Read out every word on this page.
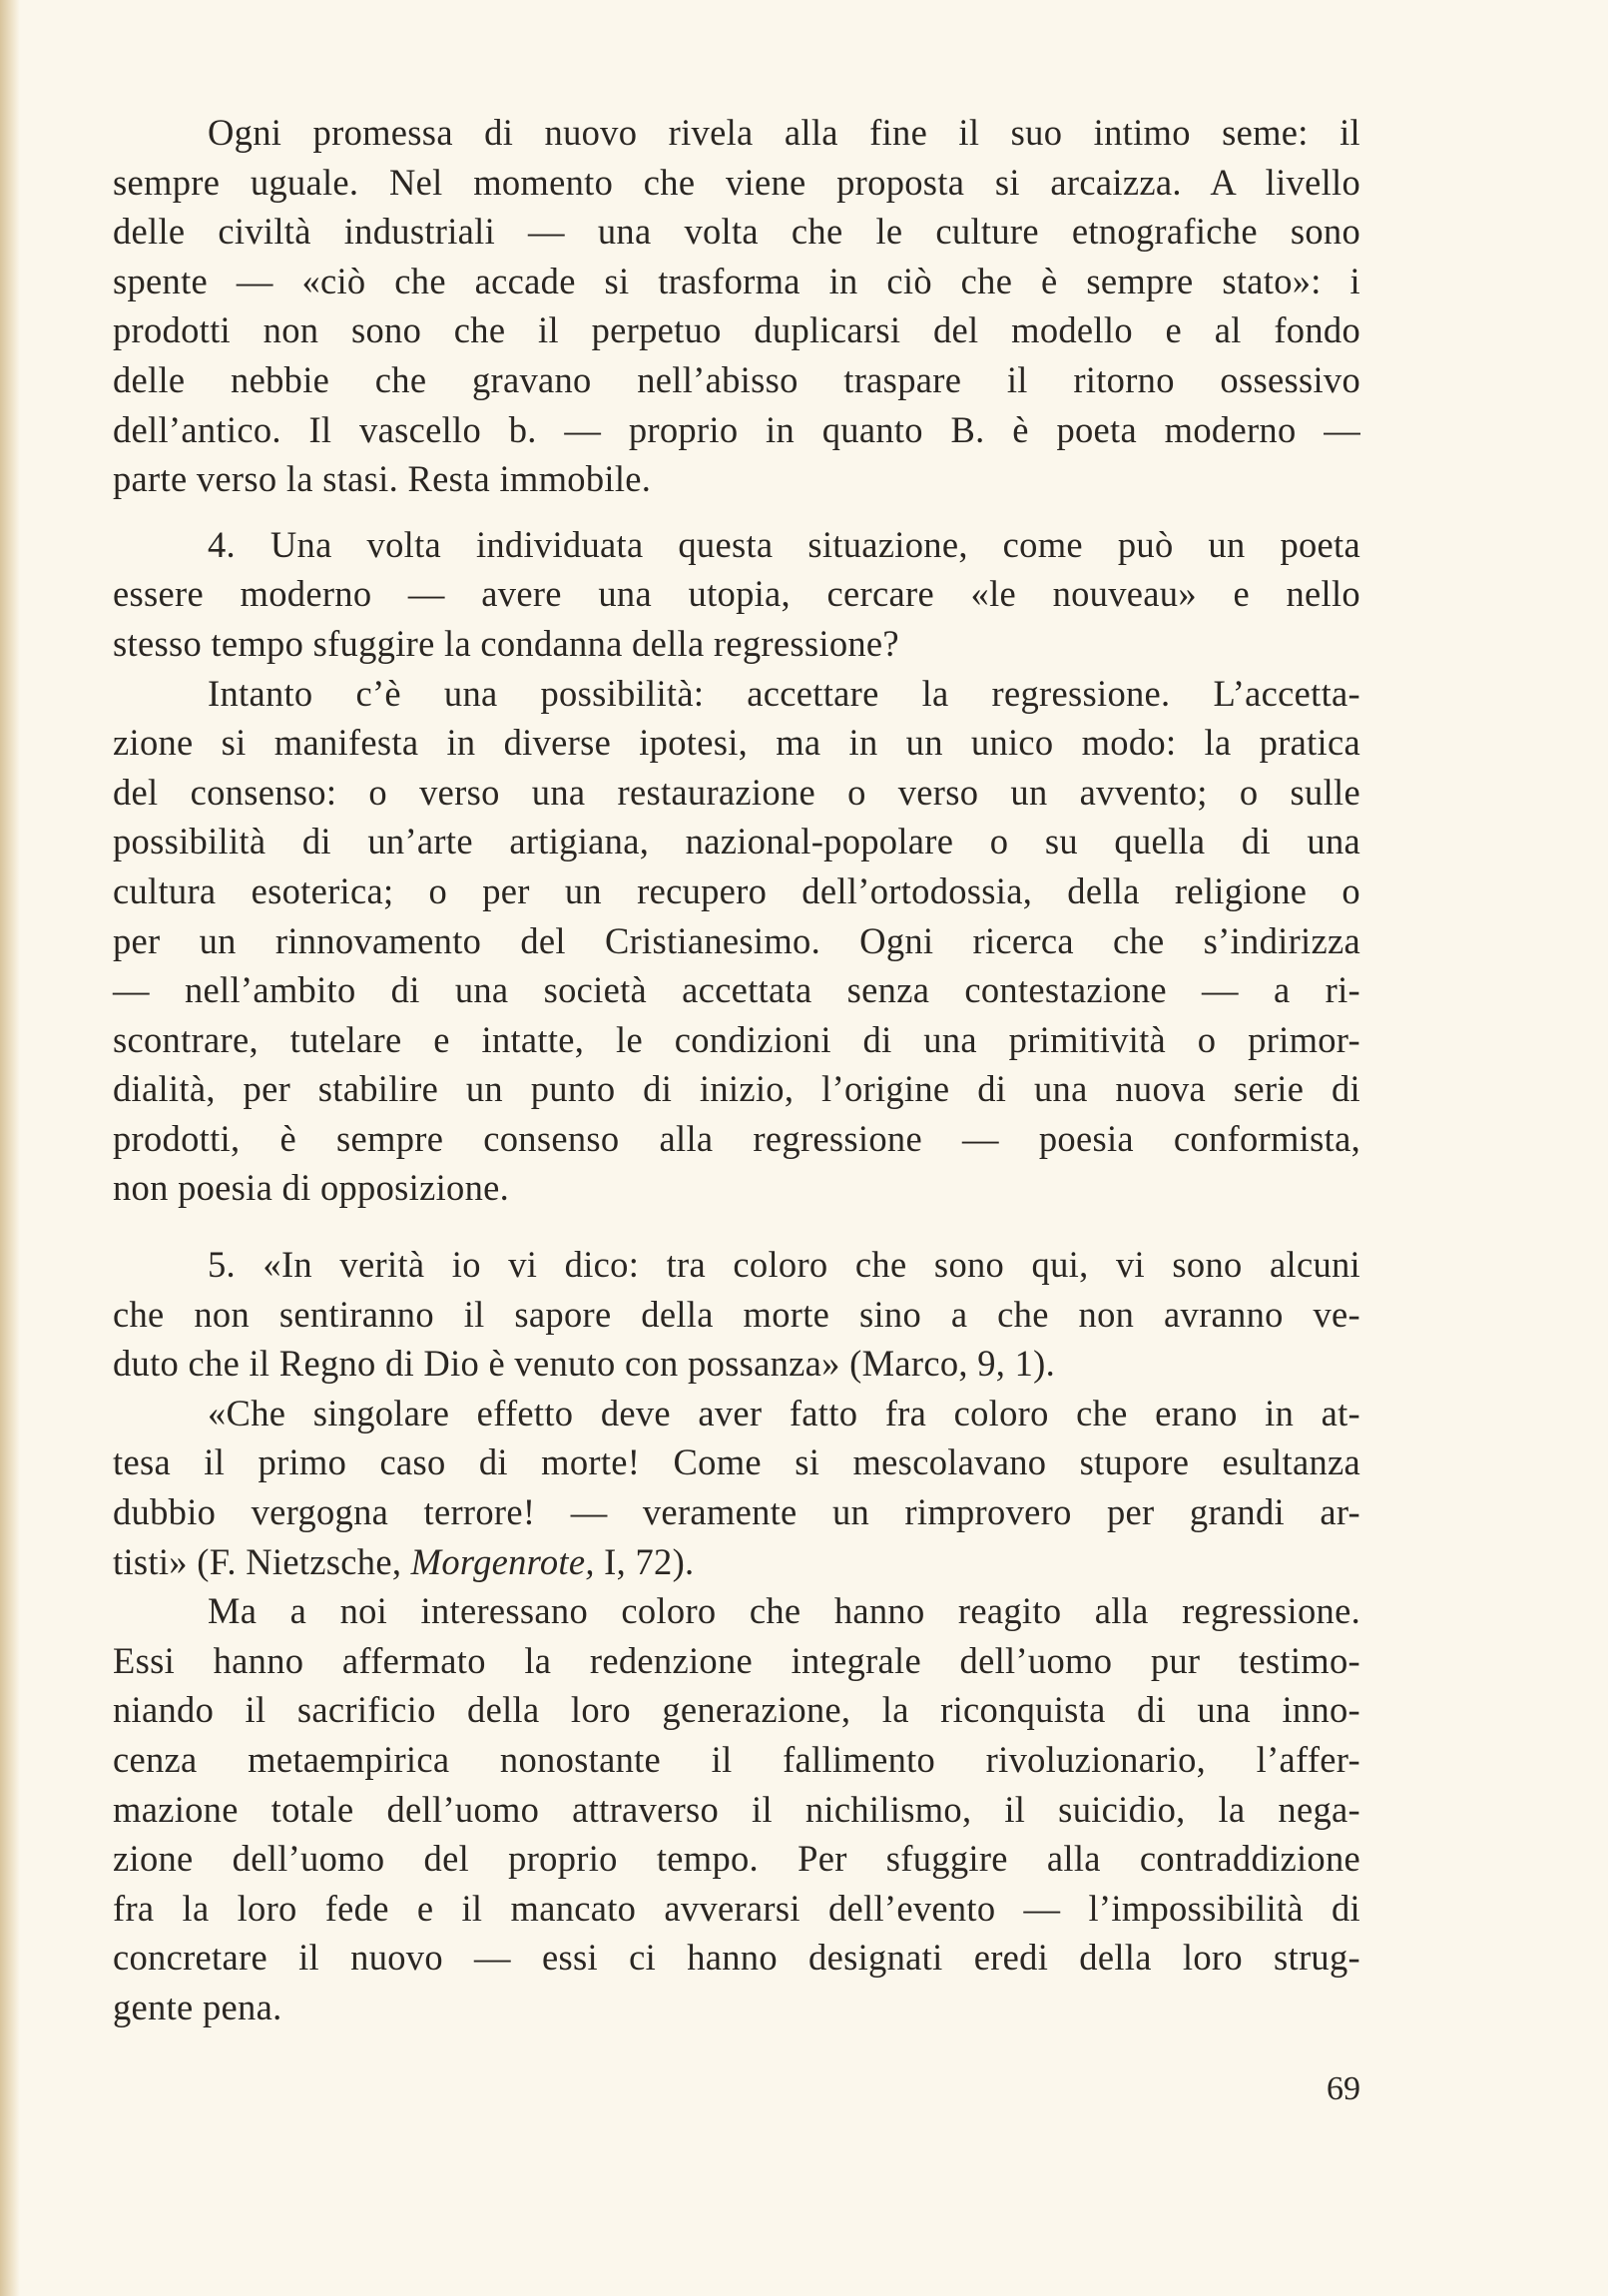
Ogni promessa di nuovo rivela alla fine il suo intimo seme: il
sempre uguale. Nel momento che viene proposta si arcaizza. A livello
delle civiltà industriali — una volta che le culture etnografiche sono
spente — «ciò che accade si trasforma in ciò che è sempre stato»: i
prodotti non sono che il perpetuo duplicarsi del modello e al fondo
delle nebbie che gravano nell’abisso traspare il ritorno ossessivo
dell’antico. Il vascello b. — proprio in quanto B. è poeta moderno —
parte verso la stasi. Resta immobile.
4. Una volta individuata questa situazione, come può un poeta
essere moderno — avere una utopia, cercare «le nouveau» e nello
stesso tempo sfuggire la condanna della regressione?
Intanto c’è una possibilità: accettare la regressione. L’accetta-
zione si manifesta in diverse ipotesi, ma in un unico modo: la pratica
del consenso: o verso una restaurazione o verso un avvento; o sulle
possibilità di un’arte artigiana, nazional-popolare o su quella di una
cultura esoterica; o per un recupero dell’ortodossia, della religione o
per un rinnovamento del Cristianesimo. Ogni ricerca che s’indirizza
— nell’ambito di una società accettata senza contestazione — a ri-
scontrare, tutelare e intatte, le condizioni di una primitività o primor-
dialità, per stabilire un punto di inizio, l’origine di una nuova serie di
prodotti, è sempre consenso alla regressione — poesia conformista,
non poesia di opposizione.
5. «In verità io vi dico: tra coloro che sono qui, vi sono alcuni
che non sentiranno il sapore della morte sino a che non avranno ve-
duto che il Regno di Dio è venuto con possanza» (Marco, 9, 1).
«Che singolare effetto deve aver fatto fra coloro che erano in at-
tesa il primo caso di morte! Come si mescolavano stupore esultanza
dubbio vergogna terrore! — veramente un rimprovero per grandi ar-
tisti» (F. Nietzsche, Morgenrote, I, 72).
Ma a noi interessano coloro che hanno reagito alla regressione.
Essi hanno affermato la redenzione integrale dell’uomo pur testimo-
niando il sacrificio della loro generazione, la riconquista di una inno-
cenza metaempirica nonostante il fallimento rivoluzionario, l’affer-
mazione totale dell’uomo attraverso il nichilismo, il suicidio, la nega-
zione dell’uomo del proprio tempo. Per sfuggire alla contraddizione
fra la loro fede e il mancato avverarsi dell’evento — l’impossibilità di
concretare il nuovo — essi ci hanno designati eredi della loro strug-
gente pena.
69
